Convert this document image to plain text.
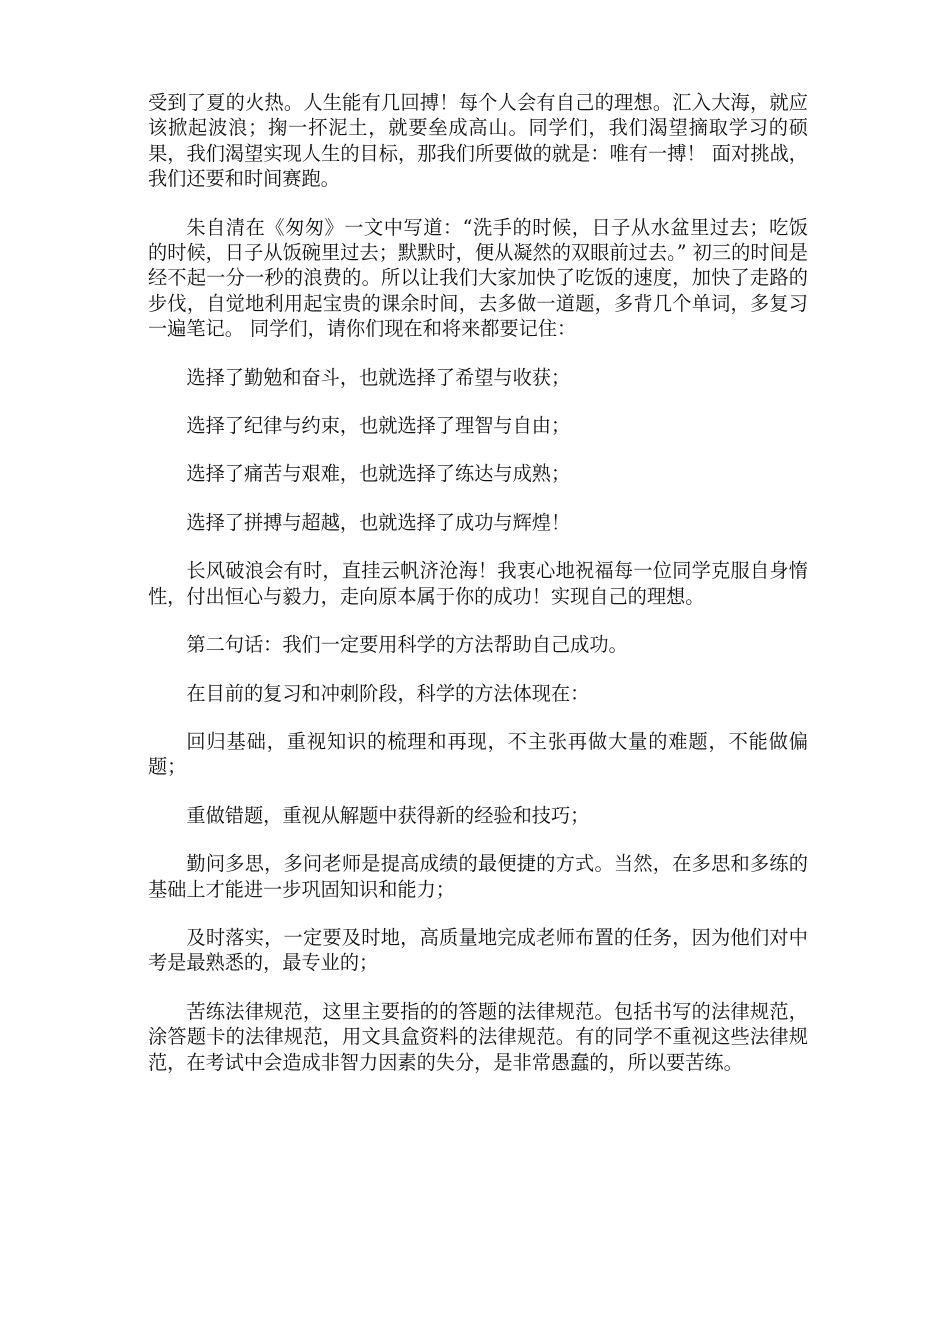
受到了夏的火热。人生能有几回搏！每个人会有自己的理想。汇入大海，就应该掀起波浪；掬一抔泥土，就要垒成高山。同学们，我们渴望摘取学习的硕果，我们渴望实现人生的目标，那我们所要做的就是：唯有一搏！ 面对挑战，我们还要和时间赛跑。

朱自清在《匆匆》一文中写道：“洗手的时候，日子从水盆里过去；吃饭的时候，日子从饭碗里过去；默默时，便从凝然的双眼前过去。” 初三的时间是经不起一分一秒的浪费的。所以让我们大家加快了吃饭的速度，加快了走路的步伐，自觉地利用起宝贵的课余时间，去多做一道题，多背几个单词，多复习一遍笔记。 同学们，请你们现在和将来都要记住：

选择了勤勉和奋斗，也就选择了希望与收获；

选择了纪律与约束，也就选择了理智与自由；

选择了痛苦与艰难，也就选择了练达与成熟；

选择了拼搏与超越，也就选择了成功与辉煌！

长风破浪会有时，直挂云帆济沧海！我衷心地祝福每一位同学克服自身惰性，付出恒心与毅力，走向原本属于你的成功！实现自己的理想。

第二句话：我们一定要用科学的方法帮助自己成功。

在目前的复习和冲刺阶段，科学的方法体现在：

回归基础，重视知识的梳理和再现，不主张再做大量的难题，不能做偏题；

重做错题，重视从解题中获得新的经验和技巧；

勤问多思，多问老师是提高成绩的最便捷的方式。当然，在多思和多练的基础上才能进一步巩固知识和能力；

及时落实，一定要及时地，高质量地完成老师布置的任务，因为他们对中考是最熟悉的，最专业的；

苦练法律规范，这里主要指的的答题的法律规范。包括书写的法律规范，涂答题卡的法律规范，用文具盒资料的法律规范。有的同学不重视这些法律规范，在考试中会造成非智力因素的失分，是非常愚蠢的，所以要苦练。
